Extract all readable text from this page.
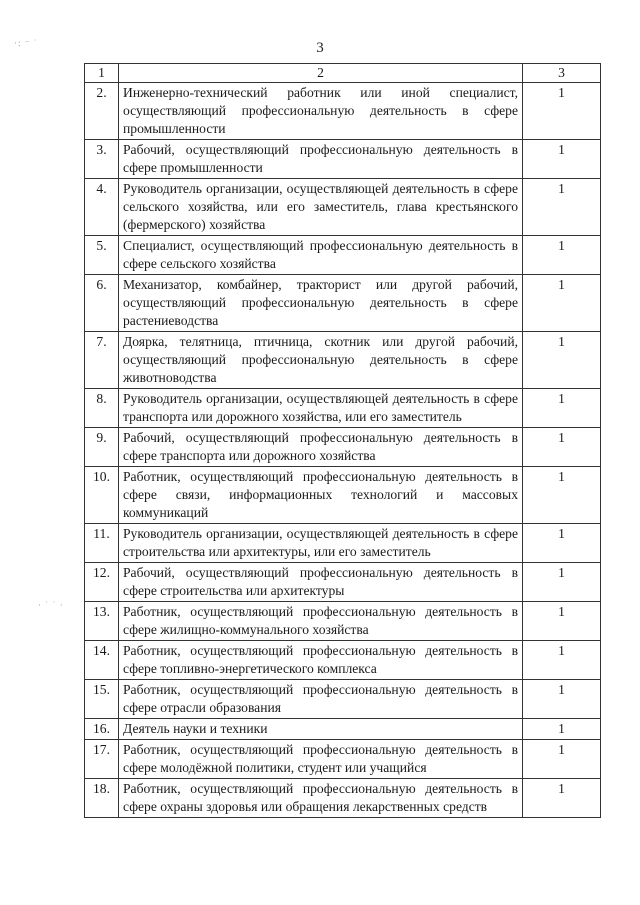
3
·: ⁻ ˙
· ˙ ˙ ·
1	2	3
2.	Инженерно-технический работник или иной специалист, осуществляющий профессиональную деятельность в сфере промышленности	1
3.	Рабочий, осуществляющий профессиональную деятельность в сфере промышленности	1
4.	Руководитель организации, осуществляющей деятельность в сфере сельского хозяйства, или его заместитель, глава крестьянского (фермерского) хозяйства	1
5.	Специалист, осуществляющий профессиональную деятельность в сфере сельского хозяйства	1
6.	Механизатор, комбайнер, тракторист или другой рабочий, осуществляющий профессиональную деятельность в сфере растениеводства	1
7.	Доярка, телятница, птичница, скотник или другой рабочий, осуществляющий профессиональную деятельность в сфере животноводства	1
8.	Руководитель организации, осуществляющей деятельность в сфере транспорта или дорожного хозяйства, или его заместитель	1
9.	Рабочий, осуществляющий профессиональную деятельность в сфере транспорта или дорожного хозяйства	1
10.	Работник, осуществляющий профессиональную деятельность в сфере связи, информационных технологий и массовых коммуникаций	1
11.	Руководитель организации, осуществляющей деятельность в сфере строительства или архитектуры, или его заместитель	1
12.	Рабочий, осуществляющий профессиональную деятельность в сфере строительства или архитектуры	1
13.	Работник, осуществляющий профессиональную деятельность в сфере жилищно-коммунального хозяйства	1
14.	Работник, осуществляющий профессиональную деятельность в сфере топливно-энергетического комплекса	1
15.	Работник, осуществляющий профессиональную деятельность в сфере отрасли образования	1
16.	Деятель науки и техники	1
17.	Работник, осуществляющий профессиональную деятельность в сфере молодёжной политики, студент или учащийся	1
18.	Работник, осуществляющий профессиональную деятельность в сфере охраны здоровья или обращения лекарственных средств	1
